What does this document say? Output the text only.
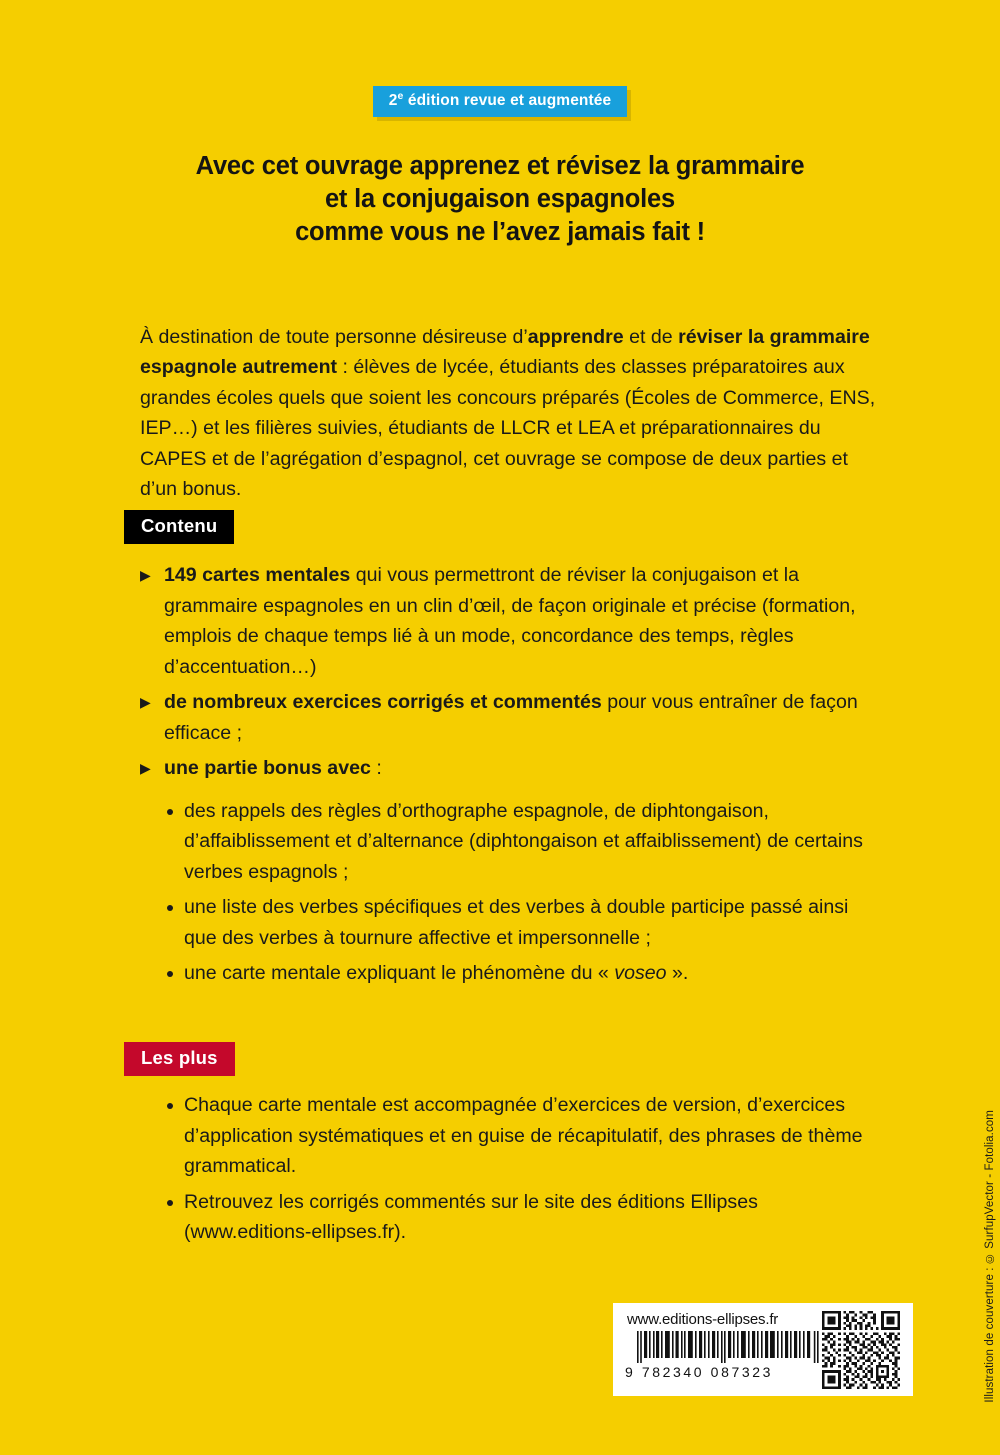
2e édition revue et augmentée
Avec cet ouvrage apprenez et révisez la grammaire
et la conjugaison espagnoles
comme vous ne l’avez jamais fait !

À destination de toute personne désireuse d’apprendre et de réviser la grammaire espagnole autrement : élèves de lycée, étudiants des classes préparatoires aux grandes écoles quels que soient les concours préparés (Écoles de Commerce, ENS, IEP…) et les filières suivies, étudiants de LLCR et LEA et préparationnaires du CAPES et de l’agrégation d’espagnol, cet ouvrage se compose de deux parties et d’un bonus.

Contenu
▶ 149 cartes mentales qui vous permettront de réviser la conjugaison et la grammaire espagnoles en un clin d’œil, de façon originale et précise (formation, emplois de chaque temps lié à un mode, concordance des temps, règles d’accentuation…)
▶ de nombreux exercices corrigés et commentés pour vous entraîner de façon efficace ;
▶ une partie bonus avec :
des rappels des règles d’orthographe espagnole, de diphtongaison, d’affaiblissement et d’alternance (diphtongaison et affaiblissement) de certains verbes espagnols ;
une liste des verbes spécifiques et des verbes à double participe passé ainsi que des verbes à tournure affective et impersonnelle ;
une carte mentale expliquant le phénomène du « voseo ».
Les plus
Chaque carte mentale est accompagnée d’exercices de version, d’exercices d’application systématiques et en guise de récapitulatif, des phrases de thème grammatical.
Retrouvez les corrigés commentés sur le site des éditions Ellipses (www.editions-ellipses.fr).	Illustration de couverture : © SurfupVector - Fotolia.com
www.editions-ellipses.fr
9 782340 087323
